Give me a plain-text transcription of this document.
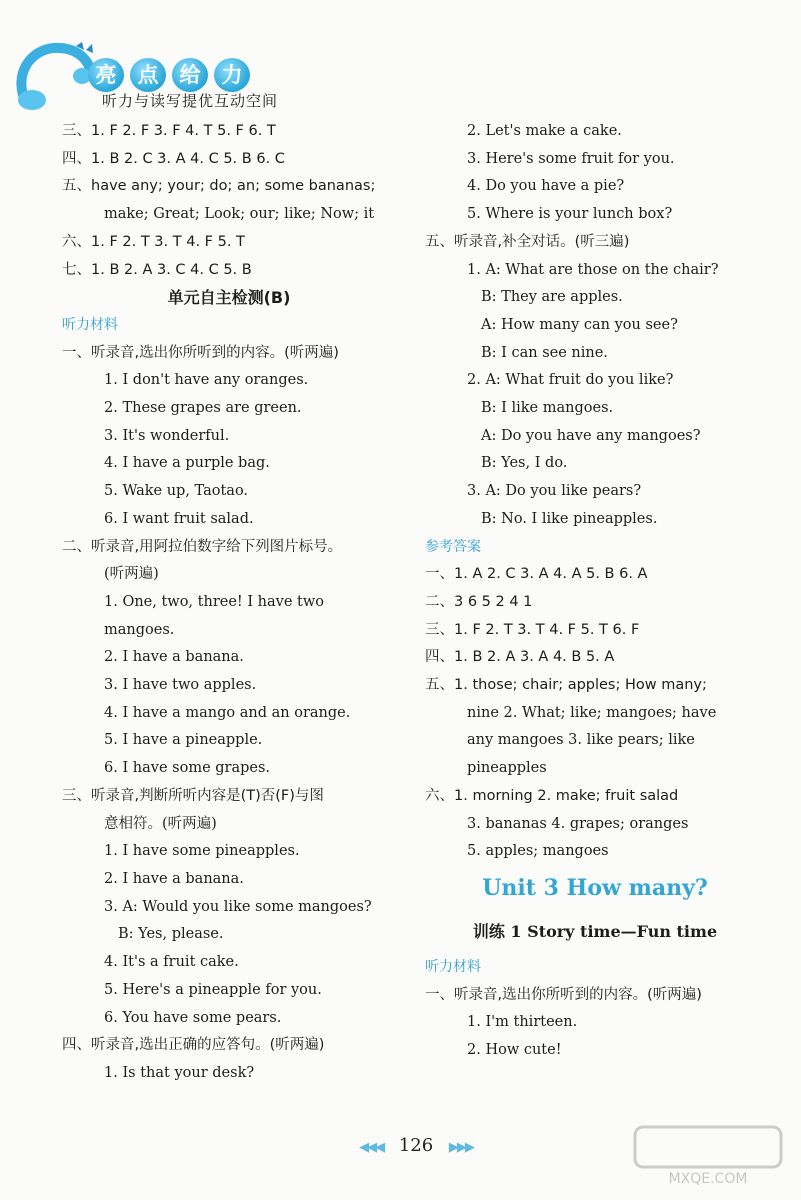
亮	点	给	力
听力与读写提优互动空间
三、1. F 2. F 3. F 4. T 5. F 6. T
四、1. B 2. C 3. A 4. C 5. B 6. C
五、have any; your; do; an; some bananas;
make; Great; Look; our; like; Now; it
六、1. F 2. T 3. T 4. F 5. T
七、1. B 2. A 3. C 4. C 5. B
单元自主检测(B)
听力材料
一、听录音,选出你所听到的内容。(听两遍)
1. I don't have any oranges.
2. These grapes are green.
3. It's wonderful.
4. I have a purple bag.
5. Wake up, Taotao.
6. I want fruit salad.
二、听录音,用阿拉伯数字给下列图片标号。
(听两遍)
1. One, two, three! I have two
mangoes.
2. I have a banana.
3. I have two apples.
4. I have a mango and an orange.
5. I have a pineapple.
6. I have some grapes.
三、听录音,判断所听内容是(T)否(F)与图
意相符。(听两遍)
1. I have some pineapples.
2. I have a banana.
3. A: Would you like some mangoes?
B: Yes, please.
4. It's a fruit cake.
5. Here's a pineapple for you.
6. You have some pears.
四、听录音,选出正确的应答句。(听两遍)
1. Is that your desk?
2. Let's make a cake.
3. Here's some fruit for you.
4. Do you have a pie?
5. Where is your lunch box?
五、听录音,补全对话。(听三遍)
1. A: What are those on the chair?
B: They are apples.
A: How many can you see?
B: I can see nine.
2. A: What fruit do you like?
B: I like mangoes.
A: Do you have any mangoes?
B: Yes, I do.
3. A: Do you like pears?
B: No. I like pineapples.
参考答案
一、1. A 2. C 3. A 4. A 5. B 6. A
二、3 6 5 2 4 1
三、1. F 2. T 3. T 4. F 5. T 6. F
四、1. B 2. A 3. A 4. B 5. A
五、1. those; chair; apples; How many;
nine 2. What; like; mangoes; have
any mangoes 3. like pears; like
pineapples
六、1. morning 2. make; fruit salad
3. bananas 4. grapes; oranges
5. apples; mangoes
Unit 3 How many?
训练 1 Story time—Fun time
听力材料
一、听录音,选出你所听到的内容。(听两遍)
1. I'm thirteen.
2. How cute!
◀◀◀ 126 ▶▶▶
MXQE.COM
